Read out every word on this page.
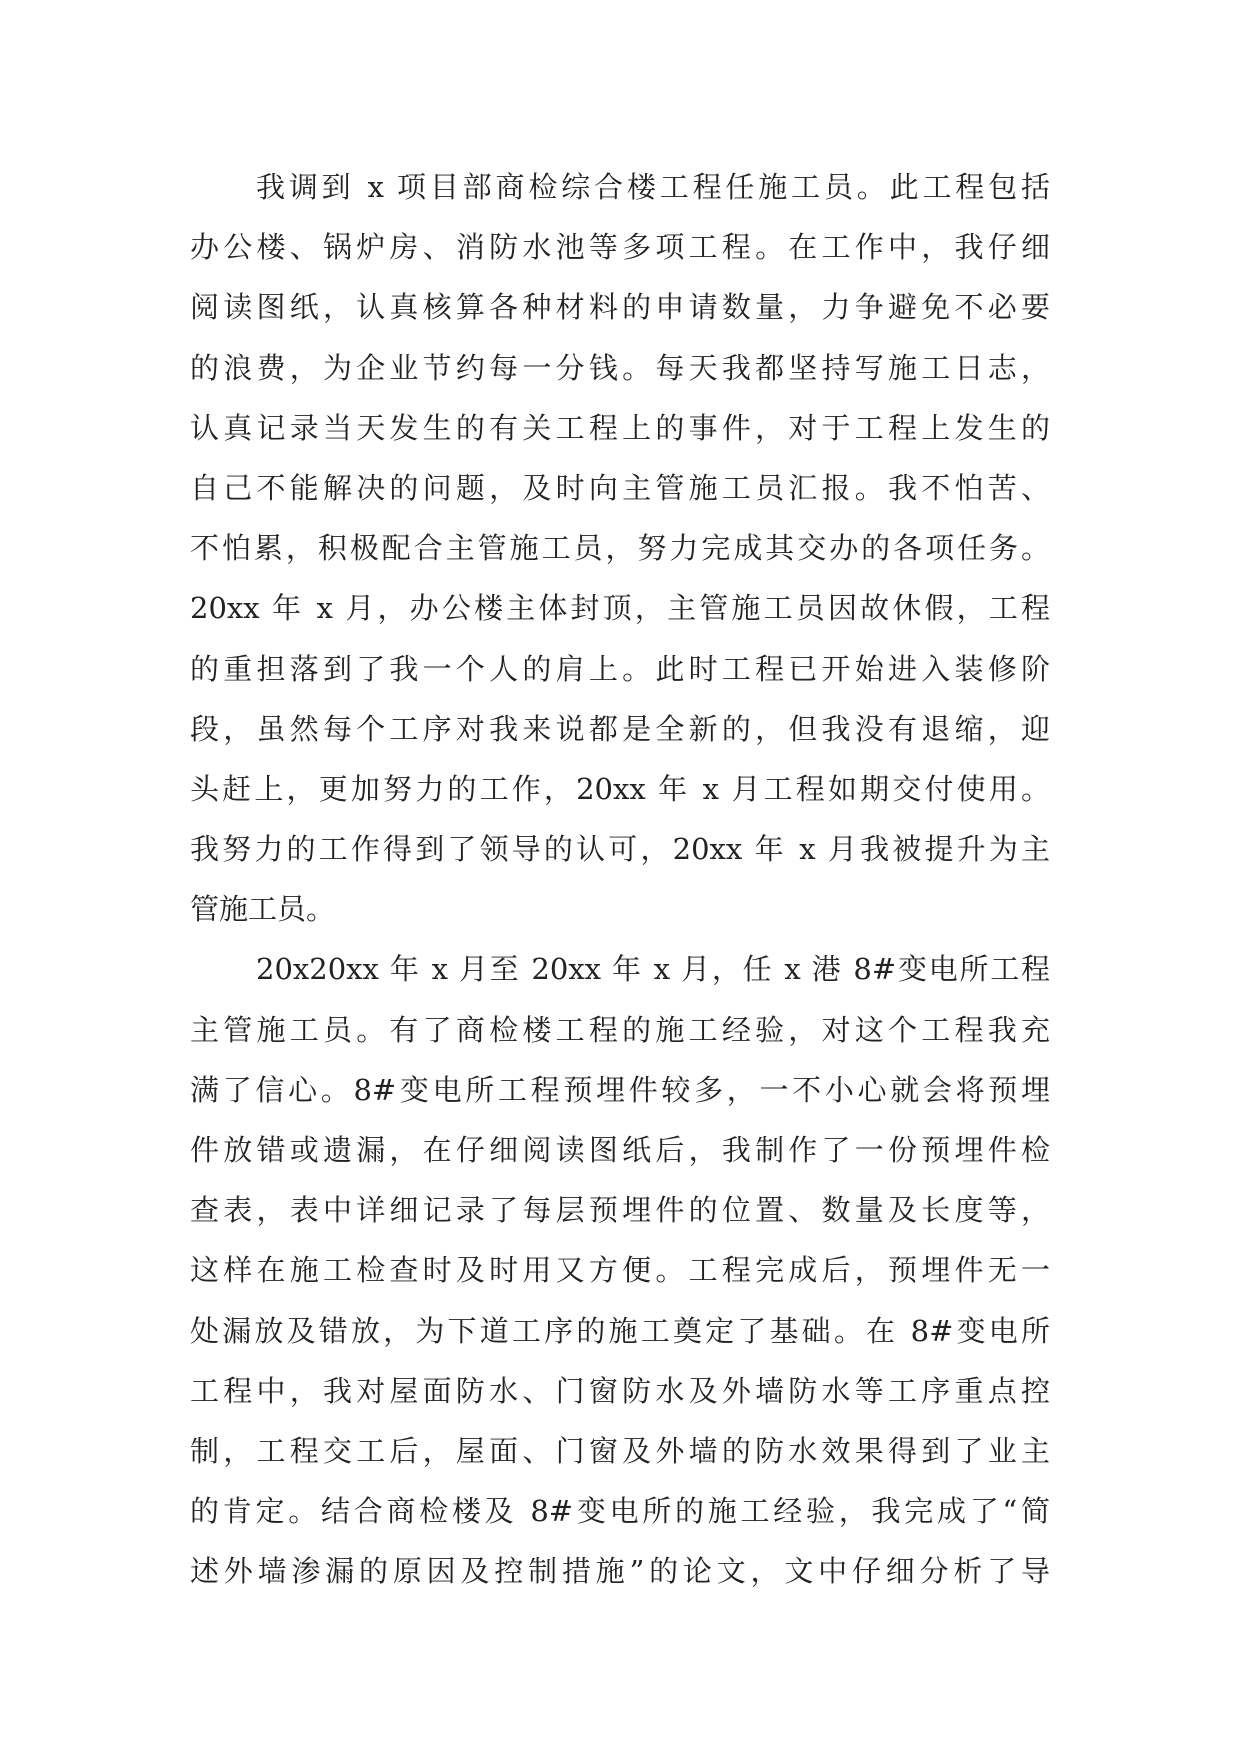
我调到 x 项目部商检综合楼工程任施工员。此工程包括
办公楼、锅炉房、消防水池等多项工程。在工作中，我仔细
阅读图纸，认真核算各种材料的申请数量，力争避免不必要
的浪费，为企业节约每一分钱。每天我都坚持写施工日志，
认真记录当天发生的有关工程上的事件，对于工程上发生的
自己不能解决的问题，及时向主管施工员汇报。我不怕苦、
不怕累，积极配合主管施工员，努力完成其交办的各项任务。
20xx 年 x 月，办公楼主体封顶，主管施工员因故休假，工程
的重担落到了我一个人的肩上。此时工程已开始进入装修阶
段，虽然每个工序对我来说都是全新的，但我没有退缩，迎
头赶上，更加努力的工作，20xx 年 x 月工程如期交付使用。
我努力的工作得到了领导的认可，20xx 年 x 月我被提升为主
管施工员。
20x20xx 年 x 月至 20xx 年 x 月，任 x 港 8#变电所工程
主管施工员。有了商检楼工程的施工经验，对这个工程我充
满了信心。8#变电所工程预埋件较多，一不小心就会将预埋
件放错或遗漏，在仔细阅读图纸后，我制作了一份预埋件检
查表，表中详细记录了每层预埋件的位置、数量及长度等，
这样在施工检查时及时用又方便。工程完成后，预埋件无一
处漏放及错放，为下道工序的施工奠定了基础。在 8#变电所
工程中，我对屋面防水、门窗防水及外墙防水等工序重点控
制，工程交工后，屋面、门窗及外墙的防水效果得到了业主
的肯定。结合商检楼及 8#变电所的施工经验，我完成了“简
述外墙渗漏的原因及控制措施”的论文，文中仔细分析了导
